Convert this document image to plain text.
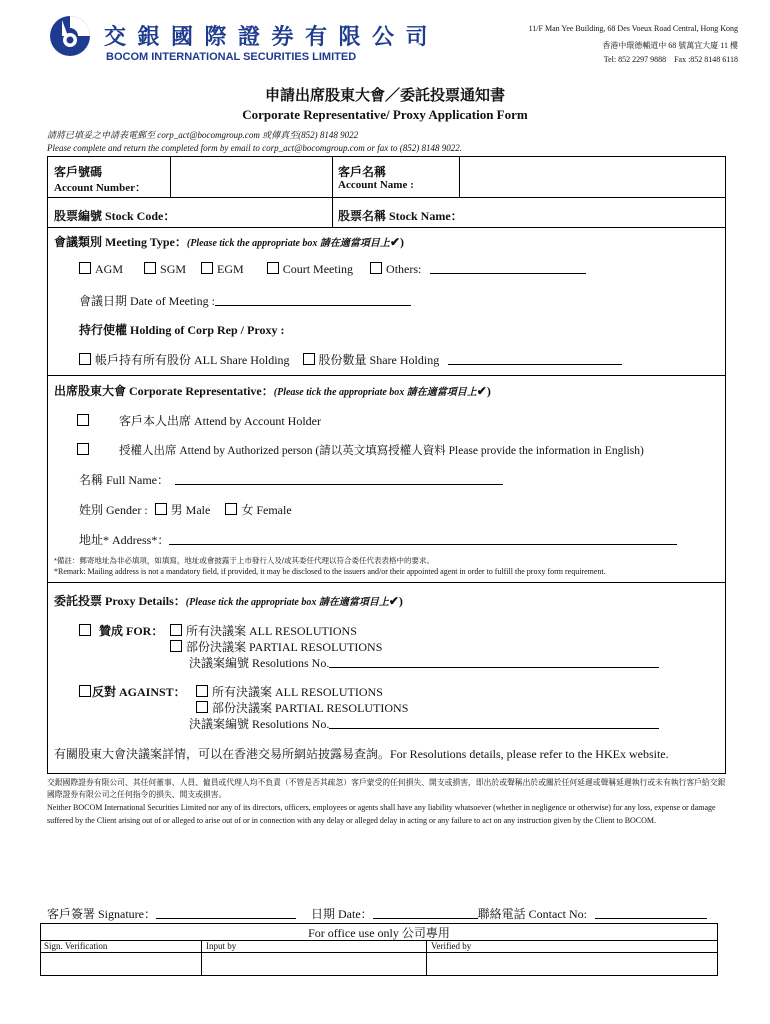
交 銀 國 際 證 券 有 限 公 司
BOCOM INTERNATIONAL SECURITIES LIMITED
11/F Man Yee Building, 68 Des Voeux Road Central, Hong Kong
香港中環德輔道中 68 號萬宜大廈 11 樓
Tel: 852 2297 9888    Fax :852 8148 6118
申請出席股東大會／委託投票通知書
Corporate Representative/ Proxy Application Form
請將已填妥之申請表電郵至 corp_act@bocomgroup.com 或傳真至(852) 8148 9022
Please complete and return the completed form by email to corp_act@bocomgroup.com or fax to (852) 8148 9022.
客戶號碼
Account Number：
客戶名稱
Account Name :
股票編號 Stock Code：	股票名稱 Stock Name：
會議類別 Meeting Type：(Please tick the appropriate box 請在適當項目上✔)
AGM	SGM	EGM	Court Meeting	Others:
會議日期 Date of Meeting :
持行使權 Holding of Corp Rep / Proxy :
帳戶持有所有股份 ALL Share Holding 股份數量 Share Holding
出席股東大會 Corporate Representative：(Please tick the appropriate box 請在適當項目上✔)
客戶本人出席 Attend by Account Holder
授權人出席 Attend by Authorized person (請以英文填寫授權人資料 Please provide the information in English)
名稱 Full Name：
姓別 Gender : 男 Male	女 Female
地址* Address*：
*備註：郵寄地址為非必填項，如填寫，地址或會披露于上市發行人及/或其委任代理以符合委任代表表格中的要求。
*Remark: Mailing address is not a mandatory field, if provided, it may be disclosed to the issuers and/or their appointed agent in order to fulfill the proxy form requirement.
委託投票 Proxy Details：(Please tick the appropriate box 請在適當項目上✔)
贊成 FOR：	所有決議案 ALL RESOLUTIONS
部份決議案 PARTIAL RESOLUTIONS
決議案編號 Resolutions No.
反對 AGAINST：	所有決議案 ALL RESOLUTIONS
部份決議案 PARTIAL RESOLUTIONS
決議案編號 Resolutions No.
有關股東大會決議案詳情，可以在香港交易所網站披露易查詢。For Resolutions details, please refer to the HKEx website.
交銀國際證券有限公司、其任何董事、人員、僱員或代理人均不負責（不管是否其疏忽）客戶蒙受的任何損失、開支或損害，即出於或聲稱出於或關於任何延遲或聲稱延遲執行或未有執行客戶給交銀國際證券有限公司之任何指令的損失、開支或損害。
Neither BOCOM International Securities Limited nor any of its directors, officers, employees or agents shall have any liability whatsoever (whether in negligence or otherwise) for any loss, expense or damage suffered by the Client arising out of or alleged to arise out of or in connection with any delay or alleged delay in acting or any failure to act on any instruction given by the Client to BOCOM.
客戶簽署 Signature：	日期 Date：	聯絡電話 Contact No:
For office use only 公司專用
Sign. Verification	Input by	Verified by
